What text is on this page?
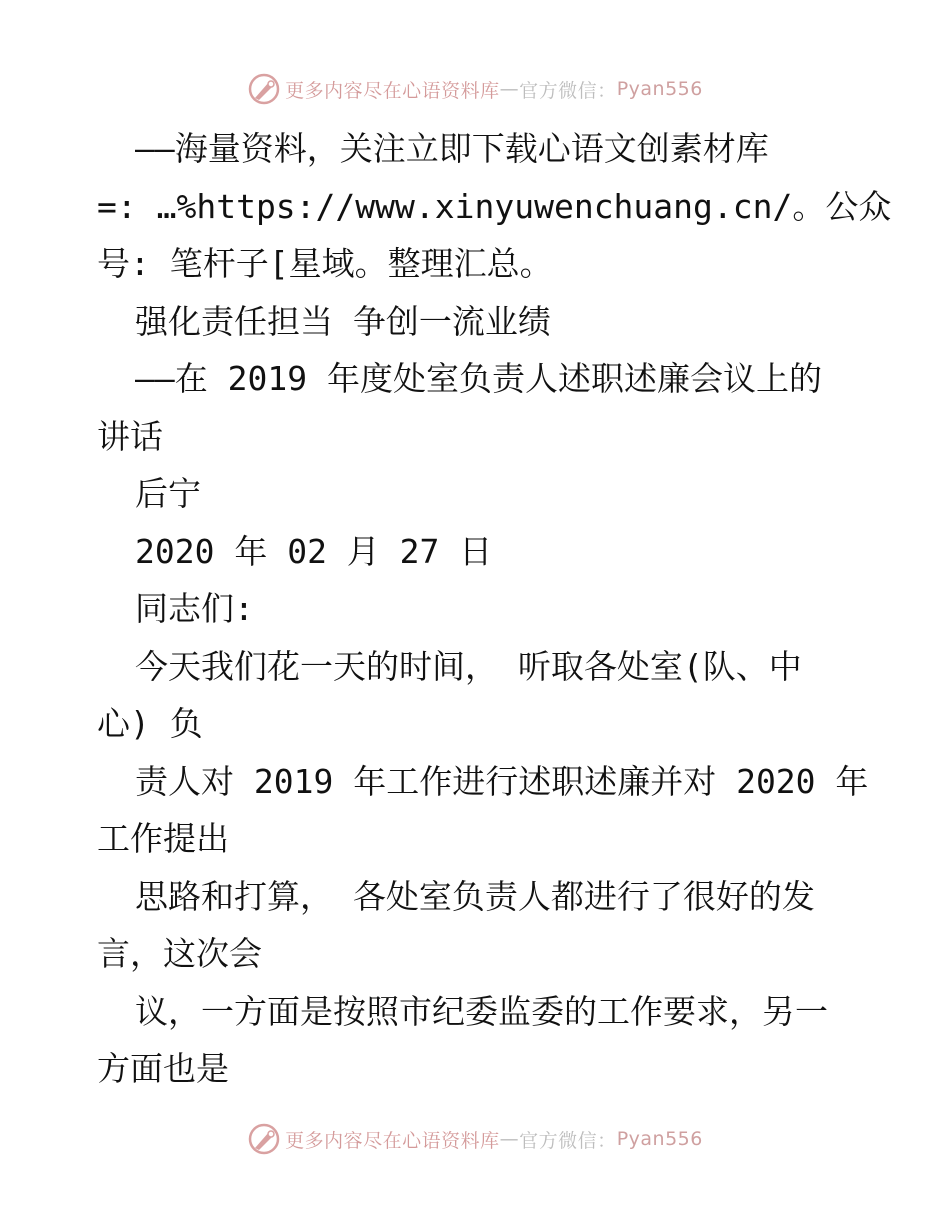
更多内容尽在心语资料库 — 官方微信： Pyan556
——海量资料，关注立即下载心语文创素材库
=: …%https://www.xinyuwenchuang.cn/。公众
号: 笔杆子[星域。整理汇总。
强化责任担当 争创一流业绩
——在 2019 年度处室负责人述职述廉会议上的
讲话
后宁
2020 年 02 月 27 日
同志们:
今天我们花一天的时间， 听取各处室(队、中
心) 负
责人对 2019 年工作进行述职述廉并对 2020 年
工作提出
思路和打算， 各处室负责人都进行了很好的发
言，这次会
议，一方面是按照市纪委监委的工作要求，另一
方面也是
更多内容尽在心语资料库 — 官方微信： Pyan556
